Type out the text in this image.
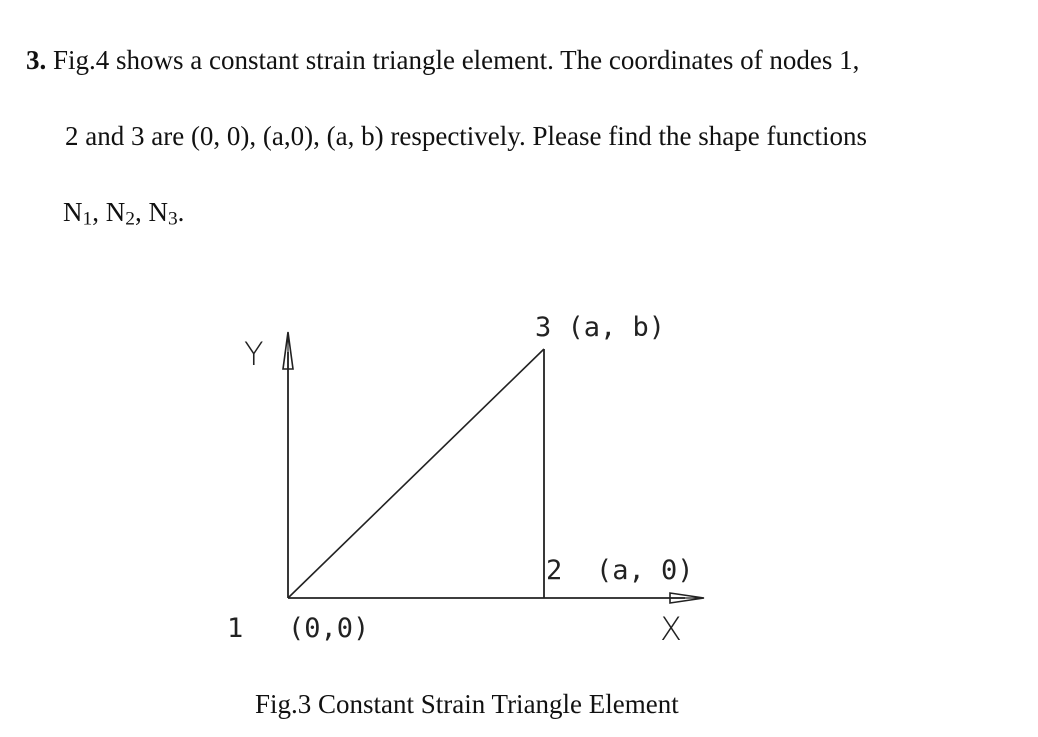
3. Fig.4 shows a constant strain triangle element. The coordinates of nodes 1,
2 and 3 are (0, 0), (a,0), (a, b) respectively. Please find the shape functions
N1, N2, N3.
Y
X
1 (0,0)
2 (a, 0)
3 (a, b)
Fig.3 Constant Strain Triangle Element
